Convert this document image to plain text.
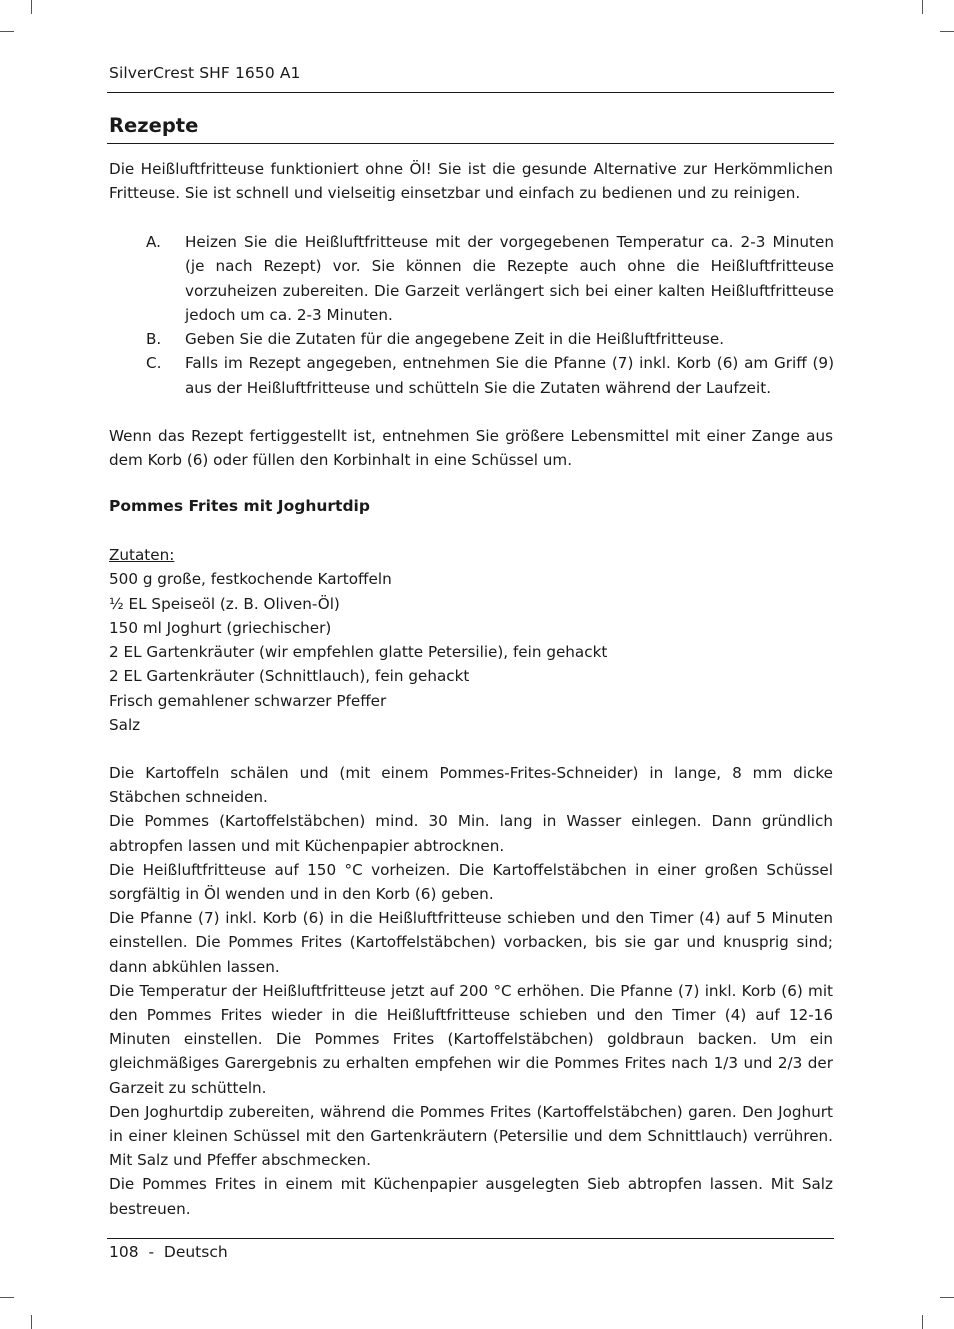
SilverCrest SHF 1650 A1
Rezepte

Die Heißluftfritteuse funktioniert ohne Öl! Sie ist die gesunde Alternative zur Herkömmlichen Fritteuse. Sie ist schnell und vielseitig einsetzbar und einfach zu bedienen und zu reinigen.

A.	Heizen Sie die Heißluftfritteuse mit der vorgegebenen Temperatur ca. 2-3 Minuten (je nach Rezept) vor. Sie können die Rezepte auch ohne die Heißluftfritteuse vorzuheizen zubereiten. Die Garzeit verlängert sich bei einer kalten Heißluftfritteuse jedoch um ca. 2-3 Minuten.
B.	Geben Sie die Zutaten für die angegebene Zeit in die Heißluftfritteuse.
C.	Falls im Rezept angegeben, entnehmen Sie die Pfanne (7) inkl. Korb (6) am Griff (9) aus der Heißluftfritteuse und schütteln Sie die Zutaten während der Laufzeit.

Wenn das Rezept fertiggestellt ist, entnehmen Sie größere Lebensmittel mit einer Zange aus dem Korb (6) oder füllen den Korbinhalt in eine Schüssel um.

Pommes Frites mit Joghurtdip
Zutaten:
500 g große, festkochende Kartoffeln
½ EL Speiseöl (z. B. Oliven-Öl)
150 ml Joghurt (griechischer)
2 EL Gartenkräuter (wir empfehlen glatte Petersilie), fein gehackt
2 EL Gartenkräuter (Schnittlauch), fein gehackt
Frisch gemahlener schwarzer Pfeffer
Salz

Die Kartoffeln schälen und (mit einem Pommes-Frites-Schneider) in lange, 8 mm dicke Stäbchen schneiden.

Die Pommes (Kartoffelstäbchen) mind. 30 Min. lang in Wasser einlegen. Dann gründlich abtropfen lassen und mit Küchenpapier abtrocknen.

Die Heißluftfritteuse auf 150 °C vorheizen. Die Kartoffelstäbchen in einer großen Schüssel sorgfältig in Öl wenden und in den Korb (6) geben.

Die Pfanne (7) inkl. Korb (6) in die Heißluftfritteuse schieben und den Timer (4) auf 5 Minuten einstellen. Die Pommes Frites (Kartoffelstäbchen) vorbacken, bis sie gar und knusprig sind; dann abkühlen lassen.

Die Temperatur der Heißluftfritteuse jetzt auf 200 °C erhöhen. Die Pfanne (7) inkl. Korb (6) mit den Pommes Frites wieder in die Heißluftfritteuse schieben und den Timer (4) auf 12-16 Minuten einstellen. Die Pommes Frites (Kartoffelstäbchen) goldbraun backen. Um ein gleichmäßiges Garergebnis zu erhalten empfehen wir die Pommes Frites nach 1/3 und 2/3 der Garzeit zu schütteln.

Den Joghurtdip zubereiten, während die Pommes Frites (Kartoffelstäbchen) garen. Den Joghurt in einer kleinen Schüssel mit den Gartenkräutern (Petersilie und dem Schnittlauch) verrühren. Mit Salz und Pfeffer abschmecken.

Die Pommes Frites in einem mit Küchenpapier ausgelegten Sieb abtropfen lassen. Mit Salz bestreuen.

108  -  Deutsch
